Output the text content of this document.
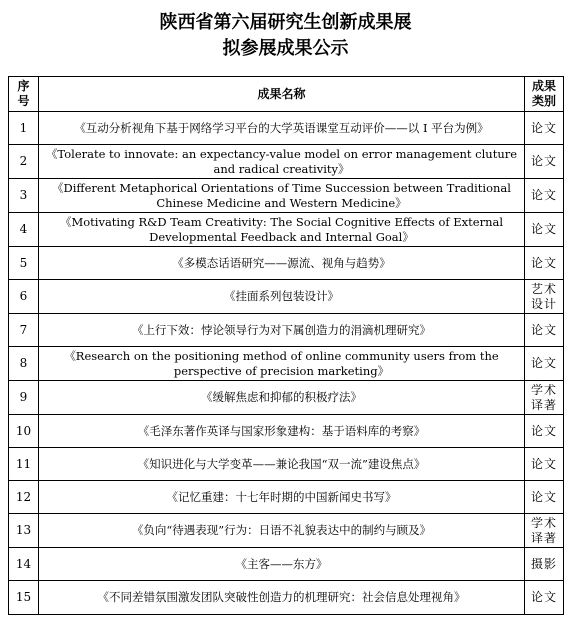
陕西省第六届研究生创新成果展
拟参展成果公示
序号	成果名称	成果类别
1	《互动分析视角下基于网络学习平台的大学英语课堂互动评价——以 I 平台为例》	论文
2	《Tolerate to innovate: an expectancy-value model on error management cluture and radical creativity》	论文
3	《Different Metaphorical Orientations of Time Succession between Traditional Chinese Medicine and Western Medicine》	论文
4	《Motivating R&D Team Creativity: The Social Cognitive Effects of External Developmental Feedback and Internal Goal》	论文
5	《多模态话语研究——源流、视角与趋势》	论文
6	《挂面系列包装设计》	艺术设计
7	《上行下效：悖论领导行为对下属创造力的涓滴机理研究》	论文
8	《Research on the positioning method of online community users from the perspective of precision marketing》	论文
9	《缓解焦虑和抑郁的积极疗法》	学术译著
10	《毛泽东著作英译与国家形象建构：基于语料库的考察》	论文
11	《知识进化与大学变革——兼论我国“双一流”建设焦点》	论文
12	《记忆重建：十七年时期的中国新闻史书写》	论文
13	《负向“待遇表现”行为：日语不礼貌表达中的制约与顾及》	学术译著
14	《主客——东方》	摄影
15	《不同差错氛围激发团队突破性创造力的机理研究：社会信息处理视角》	论文
